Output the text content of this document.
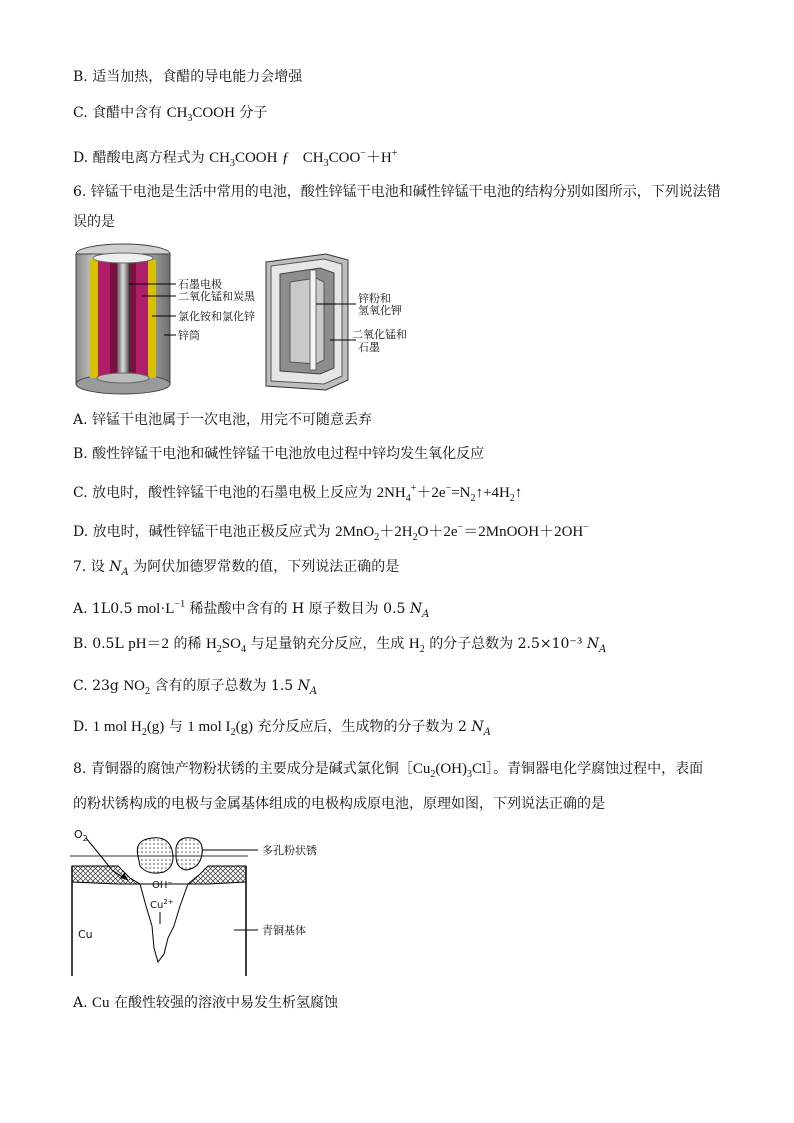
B. 适当加热，食醋的导电能力会增强
C. 食醋中含有 $CH_3COOH$ 分子
D. 醋酸电离方程式为 $CH_3COOH$ ƒ $CH_3COO^-+H^+$
6. 锌锰干电池是生活中常用的电池，酸性锌锰干电池和碱性锌锰干电池的结构分别如图所示，下列说法错
误的是
石墨电极
二氧化锰和炭黑
氯化铵和氯化锌
锌筒
锌粉和
氢氧化钾
二氧化锰和
石墨
A. 锌锰干电池属于一次电池，用完不可随意丢弃
B. 酸性锌锰干电池和碱性锌锰干电池放电过程中锌均发生氧化反应
C. 放电时，酸性锌锰干电池的石墨电极上反应为 $2NH_4^++2e^-=N_2↑+4H_2↑$
D. 放电时，碱性锌锰干电池正极反应式为 $2MnO_2+2H_2O+2e^-=2MnOOH+2OH^-$
7. 设 $N_A$ 为阿伏加德罗常数的值，下列说法正确的是
A. 1L0.5 $mol\cdot L^{-1}$ 稀盐酸中含有的 H 原子数目为 0.5 $N_A$
B. 0.5L pH＝2 的稀 $H_2SO_4$ 与足量钠充分反应，生成 $H_2$ 的分子总数为 2.5×10⁻³ $N_A$
C. 23g $NO_2$ 含有的原子总数为 1.5 $N_A$
D. 1 mol $H_2(g)$ 与 1 mol $I_2(g)$ 充分反应后，生成物的分子数为 2 $N_A$
8. 青铜器的腐蚀产物粉状锈的主要成分是碱式氯化铜$[Cu_2(OH)_3Cl]$。青铜器电化学腐蚀过程中，表面
的粉状锈构成的电极与金属基体组成的电极构成原电池，原理如图，下列说法正确的是
$O_2$
OH⁻
$Cu^{2+}$
Cu
多孔粉状锈
青铜基体
A. Cu 在酸性较强的溶液中易发生析氢腐蚀
